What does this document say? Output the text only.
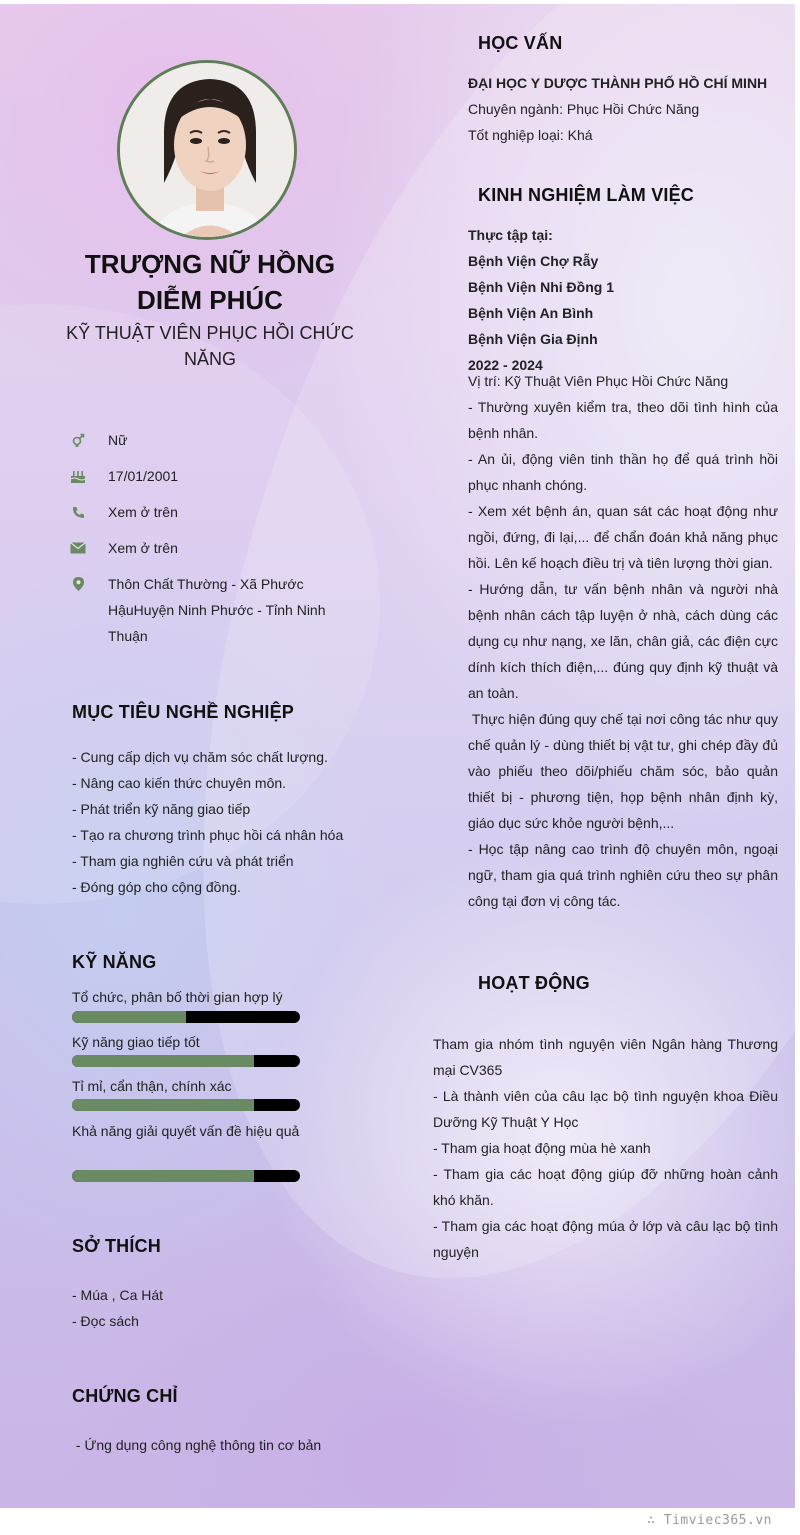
TRƯỢNG NỮ HỒNG DIỄM PHÚC
KỸ THUẬT VIÊN PHỤC HỒI CHỨC NĂNG
Nữ
17/01/2001
Xem ở trên
Xem ở trên
Thôn Chất Thường - Xã Phước HậuHuyện Ninh Phước - Tỉnh Ninh Thuận
MỤC TIÊU NGHỀ NGHIỆP
- Cung cấp dịch vụ chăm sóc chất lượng.
- Nâng cao kiến thức chuyên môn.
- Phát triển kỹ năng giao tiếp
- Tạo ra chương trình phục hồi cá nhân hóa
- Tham gia nghiên cứu và phát triển
- Đóng góp cho cộng đồng.
KỸ NĂNG
Tổ chức, phân bố thời gian hợp lý
Kỹ năng giao tiếp tốt
Tỉ mỉ, cẩn thận, chính xác
Khả năng giải quyết vấn đề hiệu quả
SỞ THÍCH
- Múa , Ca Hát
- Đọc sách
CHỨNG CHỈ
- Ứng dụng công nghệ thông tin cơ bản
HỌC VẤN
ĐẠI HỌC Y DƯỢC THÀNH PHỐ HỒ CHÍ MINH
Chuyên ngành: Phục Hồi Chức Năng
Tốt nghiệp loại: Khá
KINH NGHIỆM LÀM VIỆC
Thực tập tại:
Bệnh Viện Chợ Rẫy
Bệnh Viện Nhi Đồng 1
Bệnh Viện An Bình
Bệnh Viện Gia Định
2022 - 2024
Vị trí: Kỹ Thuật Viên Phục Hồi Chức Năng
- Thường xuyên kiểm tra, theo dõi tình hình của bệnh nhân.
- An ủi, động viên tinh thần họ để quá trình hồi phục nhanh chóng.
- Xem xét bệnh án, quan sát các hoạt động như ngồi, đứng, đi lại,... để chẩn đoán khả năng phục hồi. Lên kế hoạch điều trị và tiên lượng thời gian.
- Hướng dẫn, tư vấn bệnh nhân và người nhà bệnh nhân cách tập luyện ở nhà, cách dùng các dụng cụ như nạng, xe lăn, chân giả, các điện cực dính kích thích điện,... đúng quy định kỹ thuật và an toàn.
Thực hiện đúng quy chế tại nơi công tác như quy chế quản lý - dùng thiết bị vật tư, ghi chép đầy đủ vào phiếu theo dõi/phiếu chăm sóc, bảo quản thiết bị - phương tiện, họp bệnh nhân định kỳ, giáo dục sức khỏe người bệnh,...
- Học tập nâng cao trình độ chuyên môn, ngoại ngữ, tham gia quá trình nghiên cứu theo sự phân công tại đơn vị công tác.
HOẠT ĐỘNG
Tham gia nhóm tình nguyện viên Ngân hàng Thương mại CV365
- Là thành viên của câu lạc bộ tình nguyện khoa Điều Dưỡng Kỹ Thuật Y Học
- Tham gia hoạt động mùa hè xanh
- Tham gia các hoạt động giúp đỡ những hoàn cảnh khó khăn.
- Tham gia các hoạt động múa ở lớp và câu lạc bộ tình nguyện
∴ Timviec365.vn
